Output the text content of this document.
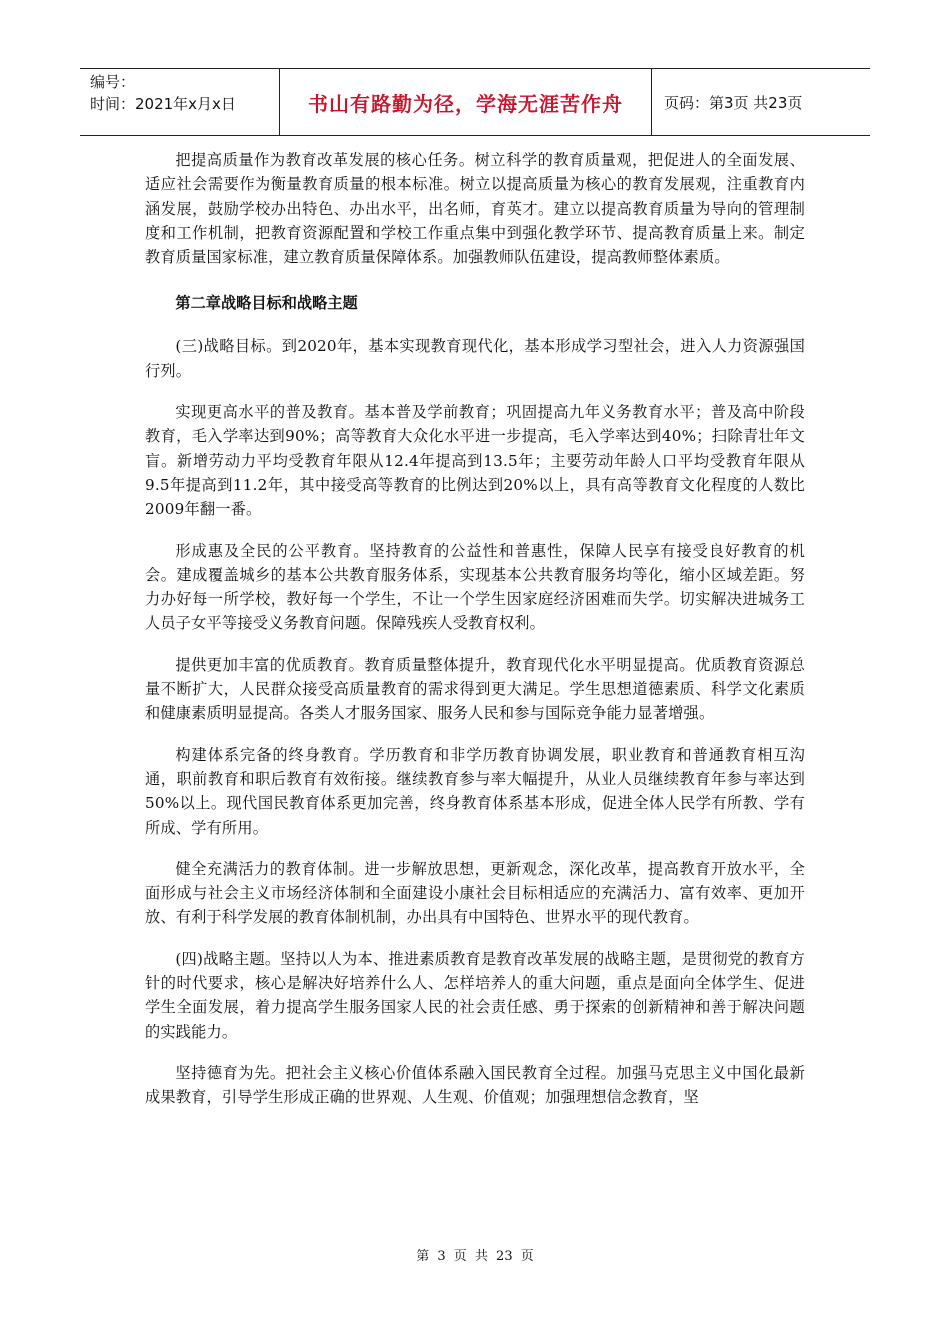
编号：
时间：2021年x月x日	书山有路勤为径，学海无涯苦作舟	页码：第3页 共23页

把提高质量作为教育改革发展的核心任务。树立科学的教育质量观，把促进人的全面发展、适应社会需要作为衡量教育质量的根本标准。树立以提高质量为核心的教育发展观，注重教育内涵发展，鼓励学校办出特色、办出水平，出名师，育英才。建立以提高教育质量为导向的管理制度和工作机制，把教育资源配置和学校工作重点集中到强化教学环节、提高教育质量上来。制定教育质量国家标准，建立教育质量保障体系。加强教师队伍建设，提高教师整体素质。

第二章战略目标和战略主题

(三)战略目标。到2020年，基本实现教育现代化，基本形成学习型社会，进入人力资源强国行列。

实现更高水平的普及教育。基本普及学前教育；巩固提高九年义务教育水平；普及高中阶段教育，毛入学率达到90%；高等教育大众化水平进一步提高，毛入学率达到40%；扫除青壮年文盲。新增劳动力平均受教育年限从12.4年提高到13.5年；主要劳动年龄人口平均受教育年限从9.5年提高到11.2年，其中接受高等教育的比例达到20%以上，具有高等教育文化程度的人数比2009年翻一番。

形成惠及全民的公平教育。坚持教育的公益性和普惠性，保障人民享有接受良好教育的机会。建成覆盖城乡的基本公共教育服务体系，实现基本公共教育服务均等化，缩小区域差距。努力办好每一所学校，教好每一个学生，不让一个学生因家庭经济困难而失学。切实解决进城务工人员子女平等接受义务教育问题。保障残疾人受教育权利。

提供更加丰富的优质教育。教育质量整体提升，教育现代化水平明显提高。优质教育资源总量不断扩大，人民群众接受高质量教育的需求得到更大满足。学生思想道德素质、科学文化素质和健康素质明显提高。各类人才服务国家、服务人民和参与国际竞争能力显著增强。

构建体系完备的终身教育。学历教育和非学历教育协调发展，职业教育和普通教育相互沟通，职前教育和职后教育有效衔接。继续教育参与率大幅提升，从业人员继续教育年参与率达到50%以上。现代国民教育体系更加完善，终身教育体系基本形成，促进全体人民学有所教、学有所成、学有所用。

健全充满活力的教育体制。进一步解放思想，更新观念，深化改革，提高教育开放水平，全面形成与社会主义市场经济体制和全面建设小康社会目标相适应的充满活力、富有效率、更加开放、有利于科学发展的教育体制机制，办出具有中国特色、世界水平的现代教育。

(四)战略主题。坚持以人为本、推进素质教育是教育改革发展的战略主题，是贯彻党的教育方针的时代要求，核心是解决好培养什么人、怎样培养人的重大问题，重点是面向全体学生、促进学生全面发展，着力提高学生服务国家人民的社会责任感、勇于探索的创新精神和善于解决问题的实践能力。

坚持德育为先。把社会主义核心价值体系融入国民教育全过程。加强马克思主义中国化最新成果教育，引导学生形成正确的世界观、人生观、价值观；加强理想信念教育，坚

第 3 页 共 23 页
